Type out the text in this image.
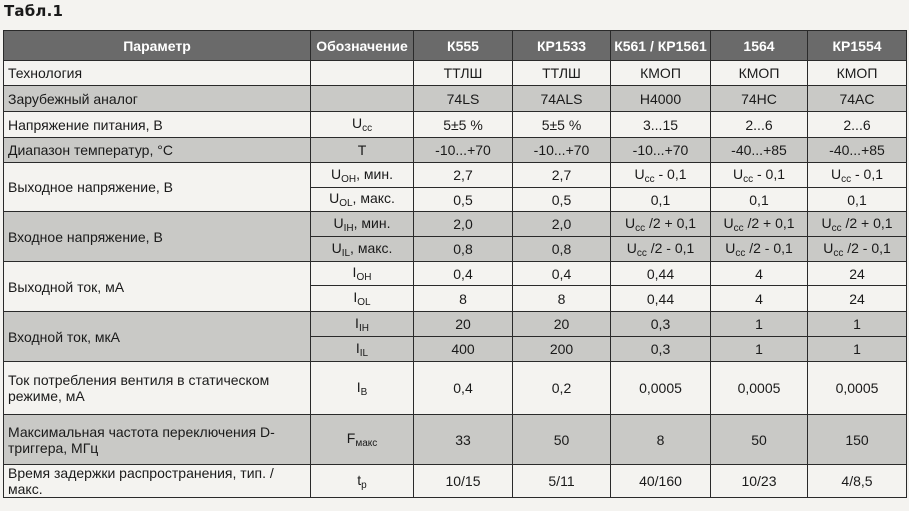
Табл.1
Параметр	Обозначение	К555	КР1533	К561 / КР1561	1564	КР1554
Технология		ТТЛШ	ТТЛШ	КМОП	КМОП	КМОП
Зарубежный аналог		74LS	74ALS	H4000	74HC	74AC
Напряжение питания, В	$U_{cc}$	5±5 %	5±5 %	3...15	2...6	2...6
Диапазон температур, °C	T	-10...+70	-10...+70	-10...+70	-40...+85	-40...+85
Выходное напряжение, В	$U_{OH}$, мин.	2,7	2,7	$U_{cc} - 0,1$	$U_{cc} - 0,1$	$U_{cc} - 0,1$
	$U_{OL}$, макс.	0,5	0,5	0,1	0,1	0,1
Входное напряжение, В	$U_{IH}$, мин.	2,0	2,0	$U_{cc}$ /2 + 0,1	$U_{cc}$ /2 + 0,1	$U_{cc}$ /2 + 0,1
	$U_{IL}$, макс.	0,8	0,8	$U_{cc}$ /2 - 0,1	$U_{cc}$ /2 - 0,1	$U_{cc}$ /2 - 0,1
Выходной ток, мА	$I_{OH}$	0,4	0,4	0,44	4	24
	$I_{OL}$	8	8	0,44	4	24
Входной ток, мкА	$I_{IH}$	20	20	0,3	1	1
	$I_{IL}$	400	200	0,3	1	1
Ток потребления вентиля в статическом режиме, мА	$I_B$	0,4	0,2	0,0005	0,0005	0,0005
Максимальная частота переключения D-триггера, МГц	$F_{макс}$	33	50	8	50	150
Время задержки распространения, тип. / макс.	$t_p$	10/15	5/11	40/160	10/23	4/8,5
